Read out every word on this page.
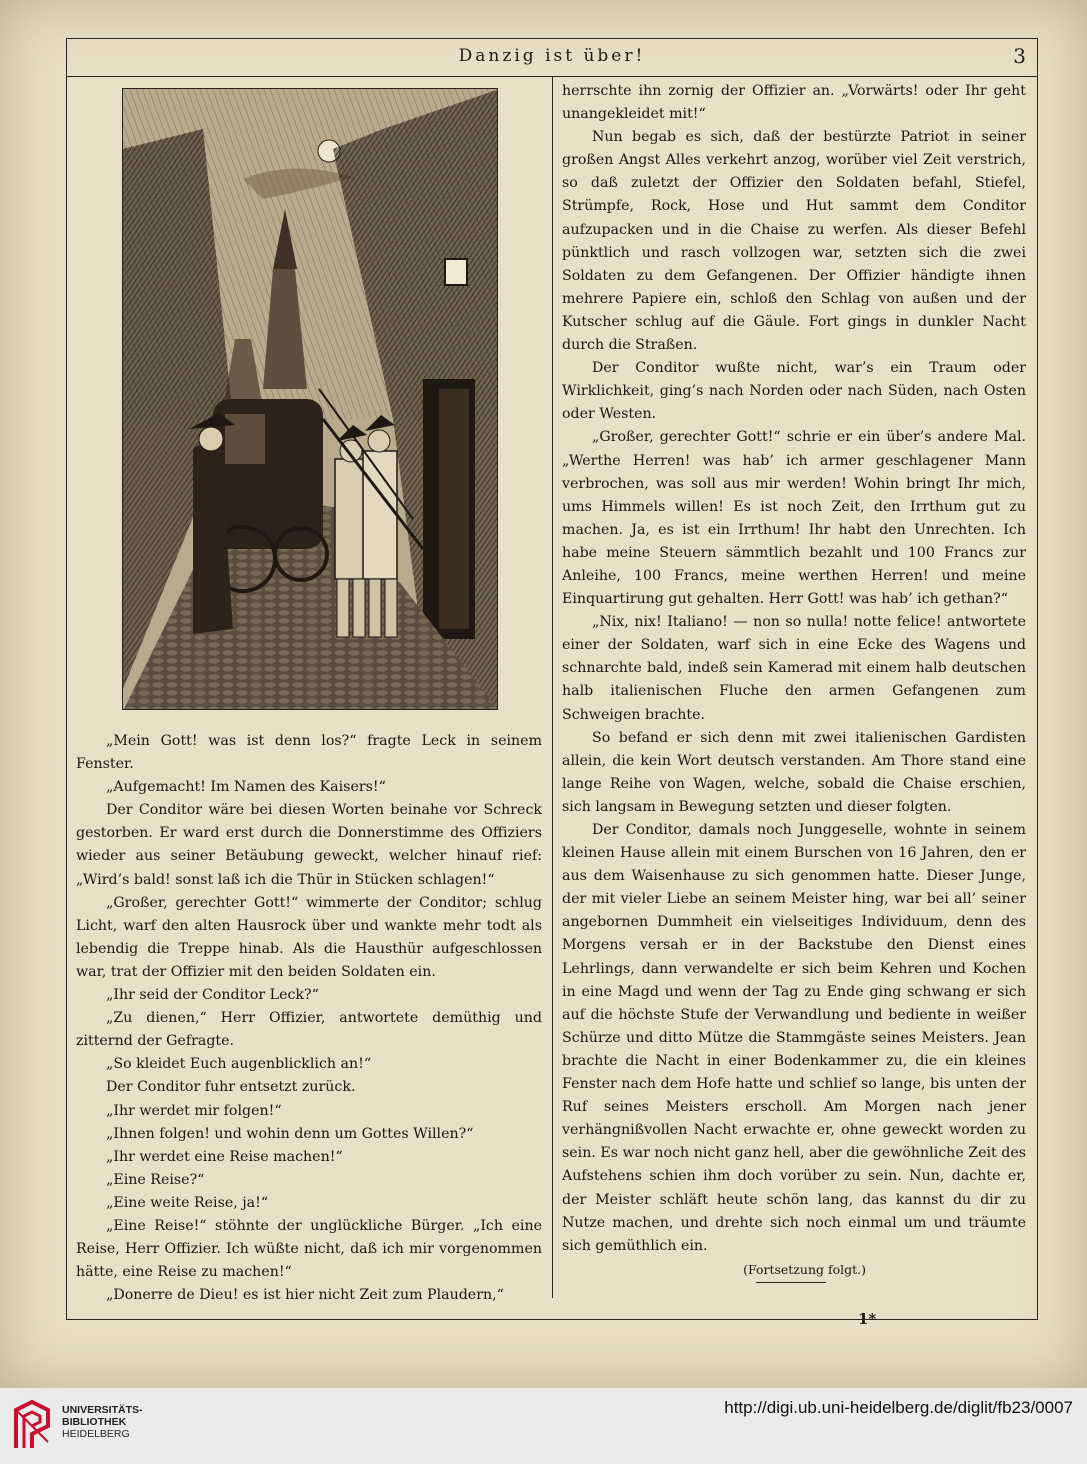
Danzig ist über!	3

„Mein Gott! was ist denn los?“ fragte Leck in seinem Fenster.

„Aufgemacht! Im Namen des Kaisers!“

Der Conditor wäre bei diesen Worten beinahe vor Schreck gestorben. Er ward erst durch die Donnerstimme des Offiziers wieder aus seiner Betäubung geweckt, welcher hinauf rief: „Wird’s bald! sonst laß ich die Thür in Stücken schlagen!“

„Großer, gerechter Gott!“ wimmerte der Conditor; schlug Licht, warf den alten Hausrock über und wankte mehr todt als lebendig die Treppe hinab. Als die Hausthür aufgeschlossen war, trat der Offizier mit den beiden Soldaten ein.

„Ihr seid der Conditor Leck?“

„Zu dienen,“ Herr Offizier, antwortete demüthig und zitternd der Gefragte.

„So kleidet Euch augenblicklich an!“

Der Conditor fuhr entsetzt zurück.

„Ihr werdet mir folgen!“

„Ihnen folgen! und wohin denn um Gottes Willen?“

„Ihr werdet eine Reise machen!“

„Eine Reise?“

„Eine weite Reise, ja!“

„Eine Reise!“ stöhnte der unglückliche Bürger. „Ich eine Reise, Herr Offizier. Ich wüßte nicht, daß ich mir vorgenommen hätte, eine Reise zu machen!“

„Donerre de Dieu! es ist hier nicht Zeit zum Plaudern,“

herrschte ihn zornig der Offizier an. „Vorwärts! oder Ihr geht unangekleidet mit!“

Nun begab es sich, daß der bestürzte Patriot in seiner großen Angst Alles verkehrt anzog, worüber viel Zeit verstrich, so daß zuletzt der Offizier den Soldaten befahl, Stiefel, Strümpfe, Rock, Hose und Hut sammt dem Conditor aufzupacken und in die Chaise zu werfen. Als dieser Befehl pünktlich und rasch vollzogen war, setzten sich die zwei Soldaten zu dem Gefangenen. Der Offizier händigte ihnen mehrere Papiere ein, schloß den Schlag von außen und der Kutscher schlug auf die Gäule. Fort gings in dunkler Nacht durch die Straßen.

Der Conditor wußte nicht, war’s ein Traum oder Wirklichkeit, ging’s nach Norden oder nach Süden, nach Osten oder Westen.

„Großer, gerechter Gott!“ schrie er ein über’s andere Mal. „Werthe Herren! was hab’ ich armer geschlagener Mann verbrochen, was soll aus mir werden! Wohin bringt Ihr mich, ums Himmels willen! Es ist noch Zeit, den Irrthum gut zu machen. Ja, es ist ein Irrthum! Ihr habt den Unrechten. Ich habe meine Steuern sämmtlich bezahlt und 100 Francs zur Anleihe, 100 Francs, meine werthen Herren! und meine Einquartirung gut gehalten. Herr Gott! was hab’ ich gethan?“

„Nix, nix! Italiano! — non so nulla! notte felice! antwortete einer der Soldaten, warf sich in eine Ecke des Wagens und schnarchte bald, indeß sein Kamerad mit einem halb deutschen halb italienischen Fluche den armen Gefangenen zum Schweigen brachte.

So befand er sich denn mit zwei italienischen Gardisten allein, die kein Wort deutsch verstanden. Am Thore stand eine lange Reihe von Wagen, welche, sobald die Chaise erschien, sich langsam in Bewegung setzten und dieser folgten.

Der Conditor, damals noch Junggeselle, wohnte in seinem kleinen Hause allein mit einem Burschen von 16 Jahren, den er aus dem Waisenhause zu sich genommen hatte. Dieser Junge, der mit vieler Liebe an seinem Meister hing, war bei all’ seiner angebornen Dummheit ein vielseitiges Individuum, denn des Morgens versah er in der Backstube den Dienst eines Lehrlings, dann verwandelte er sich beim Kehren und Kochen in eine Magd und wenn der Tag zu Ende ging schwang er sich auf die höchste Stufe der Verwandlung und bediente in weißer Schürze und ditto Mütze die Stammgäste seines Meisters. Jean brachte die Nacht in einer Bodenkammer zu, die ein kleines Fenster nach dem Hofe hatte und schlief so lange, bis unten der Ruf seines Meisters erscholl. Am Morgen nach jener verhängnißvollen Nacht erwachte er, ohne geweckt worden zu sein. Es war noch nicht ganz hell, aber die gewöhnliche Zeit des Aufstehens schien ihm doch vorüber zu sein. Nun, dachte er, der Meister schläft heute schön lang, das kannst du dir zu Nutze machen, und drehte sich noch einmal um und träumte sich gemüthlich ein.

(Fortsetzung folgt.)

1*
UNIVERSITÄTS-
BIBLIOTHEK
HEIDELBERG
http://digi.ub.uni-heidelberg.de/diglit/fb23/0007
